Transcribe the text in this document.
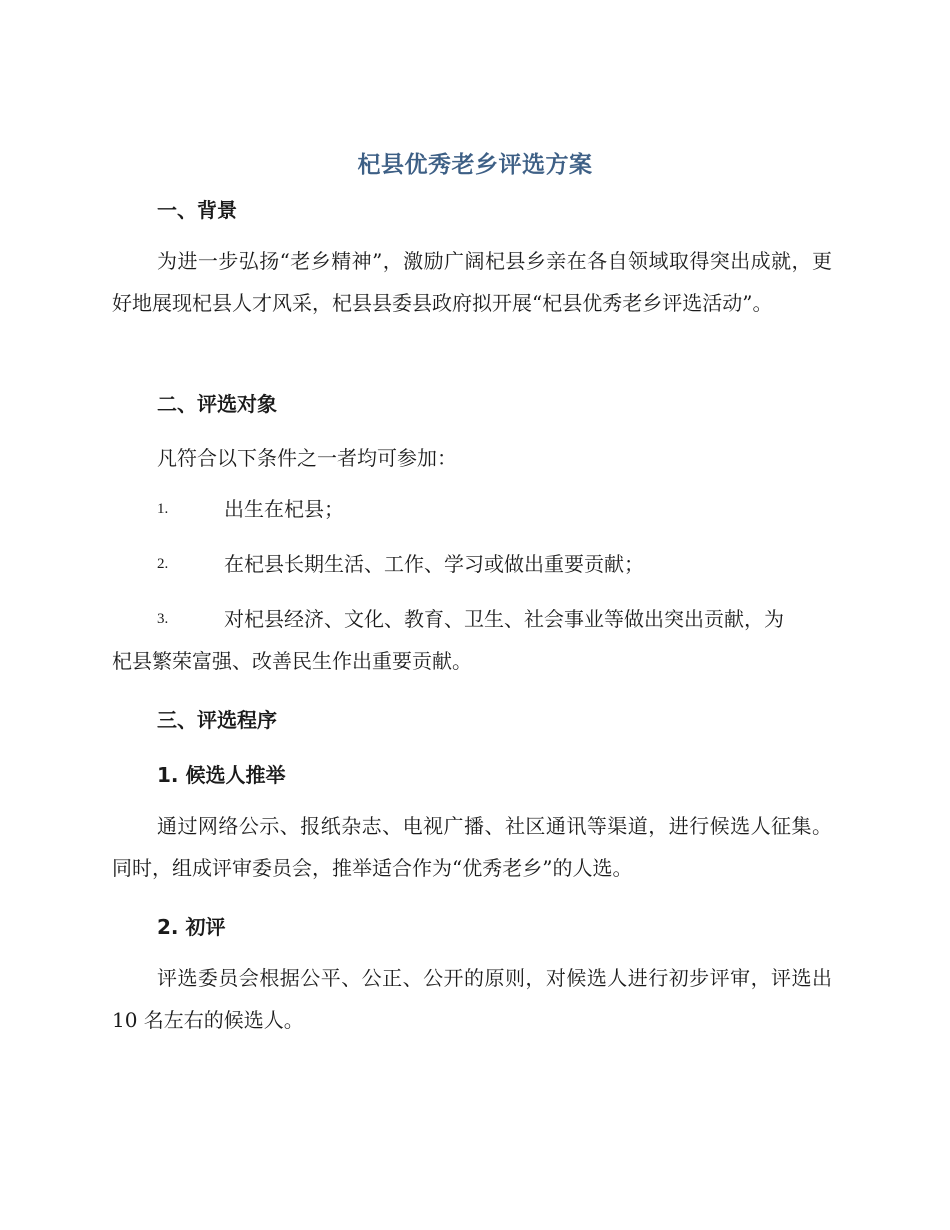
杞县优秀老乡评选方案
一、背景
为进一步弘扬“老乡精神”，激励广阔杞县乡亲在各自领域取得突出成就，更好地展现杞县人才风采，杞县县委县政府拟开展“杞县优秀老乡评选活动”。
二、评选对象
凡符合以下条件之一者均可参加：
1.	出生在杞县；
2.	在杞县长期生活、工作、学习或做出重要贡献；
3.	对杞县经济、文化、教育、卫生、社会事业等做出突出贡献，为
杞县繁荣富强、改善民生作出重要贡献。
三、评选程序
1. 候选人推举
通过网络公示、报纸杂志、电视广播、社区通讯等渠道，进行候选人征集。同时，组成评审委员会，推举适合作为“优秀老乡”的人选。
2. 初评
评选委员会根据公平、公正、公开的原则，对候选人进行初步评审，评选出 10 名左右的候选人。
